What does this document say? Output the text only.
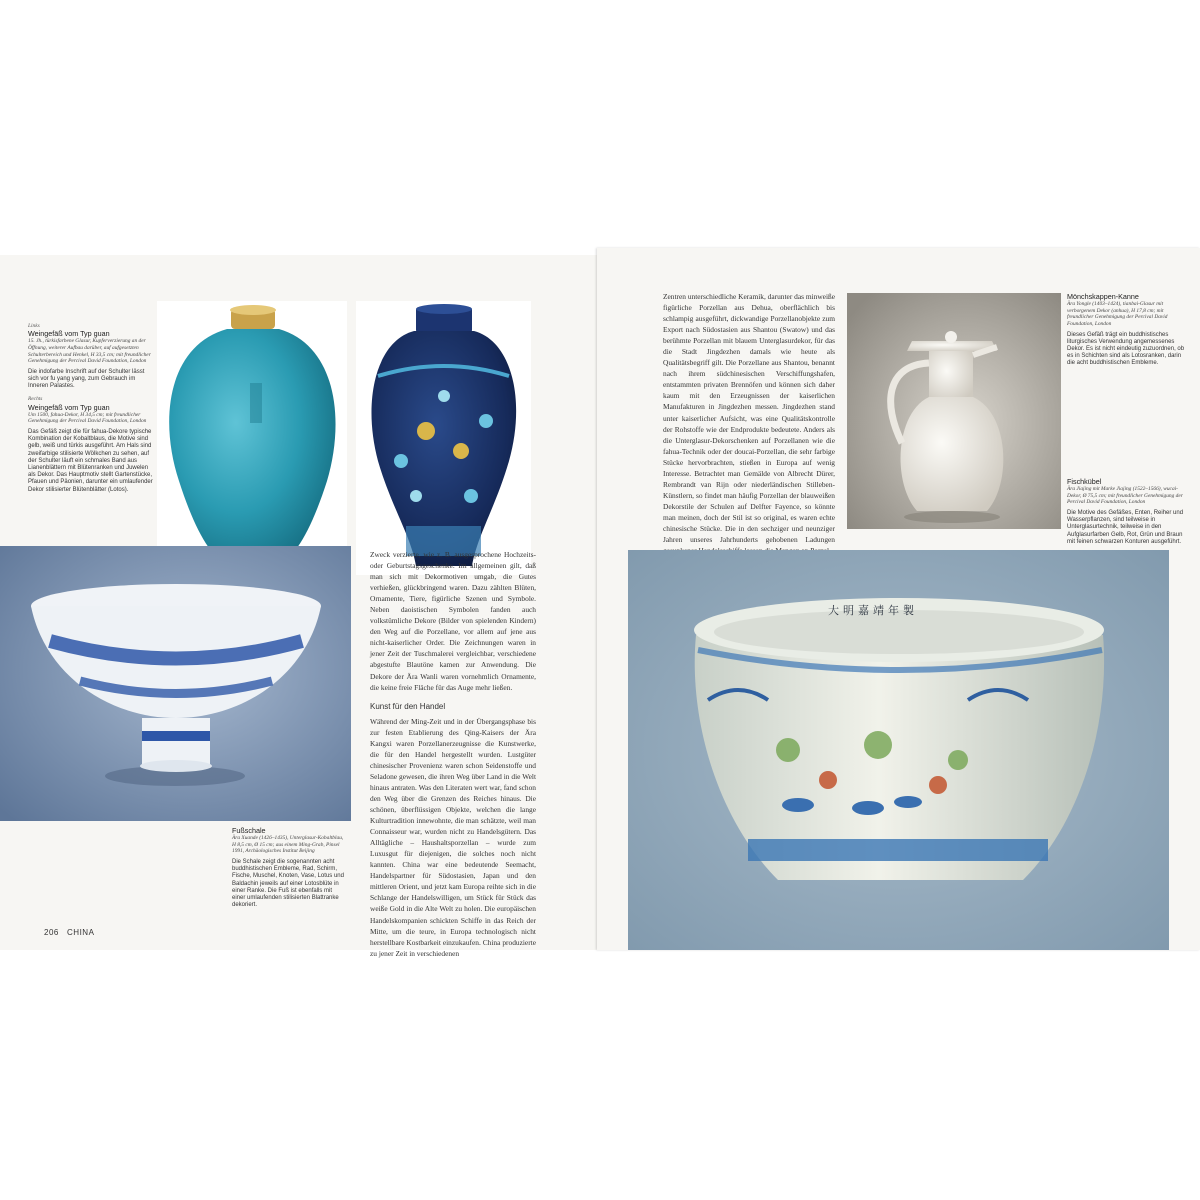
Links
Weingefäß vom Typ guan

15. Jh., türkisfarbene Glasur, Kupferverzierung an der Öffnung, weiterer Aufbau darüber, auf aufgesetzten Schulterbereich und Henkel, H 33,5 cm; mit freundlicher Genehmigung der Percival David Foundation, London

Die indofarbe Inschrift auf der Schulter lässt sich vor fu yang yang, zum Gebrauch im Inneren Palastes.

Rechts
Weingefäß vom Typ guan

Um 1500, fahua-Dekor, H 34,5 cm; mit freundlicher Genehmigung der Percival David Foundation, London

Das Gefäß zeigt die für fahua-Dekore typische Kombination der Kobaltblaus, die Motive sind gelb, weiß und türkis ausgeführt. Am Hals sind zweifarbige stilisierte Wölkchen zu sehen, auf der Schulter läuft ein schmales Band aus Lianenblättern mit Blütenranken und Juwelen als Dekor. Das Hauptmotiv stellt Gartenstücke, Pfauen und Päonien, darunter ein umlaufender Dekor stilisierter Blütenblätter (Lotos).

Fußschale

Ära Xuande (1426–1435), Unterglasur-Kobaltblau, H 8,5 cm, Ø 15 cm; aus einem Ming-Grab, Pinsel 1991, Archäologisches Institut Beijing

Die Schale zeigt die sogenannten acht buddhistischen Embleme, Rad, Schirm, Fische, Muschel, Knoten, Vase, Lotus und Baldachin jeweils auf einer Lotosblüte in einer Ranke. Die Fuß ist ebenfalls mit einer umlaufenden stilisierten Blattranke dekoriert.

Zweck verzierte, wie z. B. ausgesprochene Hochzeits- oder Geburtstagsgeschenke. Im allgemeinen gilt, daß man sich mit Dekormotiven umgab, die Gutes verhießen, glückbringend waren. Dazu zählten Blüten, Ornamente, Tiere, figürliche Szenen und Symbole. Neben daoistischen Symbolen fanden auch volkstümliche Dekore (Bilder von spielenden Kindern) den Weg auf die Porzellane, vor allem auf jene aus nicht-kaiserlicher Order. Die Zeichnungen waren in jener Zeit der Tuschmalerei vergleichbar, verschiedene abgestufte Blautöne kamen zur Anwendung. Die Dekore der Ära Wanli waren vornehmlich Ornamente, die keine freie Fläche für das Auge mehr ließen.

Kunst für den Handel

Während der Ming-Zeit und in der Übergangsphase bis zur festen Etablierung des Qing-Kaisers der Ära Kangxi waren Porzellanerzeugnisse die Kunstwerke, die für den Handel hergestellt wurden. Lustgüter chinesischer Provenienz waren schon Seidenstoffe und Seladone gewesen, die ihren Weg über Land in die Welt hinaus antraten. Was den Literaten wert war, fand schon den Weg über die Grenzen des Reiches hinaus. Die schönen, überflüssigen Objekte, welchen die lange Kulturtradition innewohnte, die man schätzte, weil man Connaisseur war, wurden nicht zu Handelsgütern. Das Alltägliche – Haushaltsporzellan – wurde zum Luxusgut für diejenigen, die solches noch nicht kannten. China war eine bedeutende Seemacht, Handelspartner für Südostasien, Japan und den mittleren Orient, und jetzt kam Europa reihte sich in die Schlange der Handelswilligen, um Stück für Stück das weiße Gold in die Alte Welt zu holen. Die europäischen Handelskompanien schickten Schiffe in das Reich der Mitte, um die teure, in Europa technologisch nicht herstellbare Kostbarkeit einzukaufen. China produzierte zu jener Zeit in verschiedenen

206 CHINA

Zentren unterschiedliche Keramik, darunter das minweiße figürliche Porzellan aus Dehua, oberflächlich bis schlampig ausgeführt, dickwandige Porzellanobjekte zum Export nach Südostasien aus Shantou (Swatow) und das berühmte Porzellan mit blauem Unterglasurdekor, für das die Stadt Jingdezhen damals wie heute als Qualitätsbegriff gilt. Die Porzellane aus Shantou, benannt nach ihrem südchinesischen Verschiffungshafen, entstammten privaten Brennöfen und können sich daher kaum mit den Erzeugnissen der kaiserlichen Manufakturen in Jingdezhen messen. Jingdezhen stand unter kaiserlicher Aufsicht, was eine Qualitätskontrolle der Rohstoffe wie der Endprodukte bedeutete. Anders als die Unterglasur-Dekorschenken auf Porzellanen wie die fahua-Technik oder der doucai-Porzellan, die sehr farbige Stücke hervorbrachten, stießen in Europa auf wenig Interesse. Betrachtet man Gemälde von Albrecht Dürer, Rembrandt van Rijn oder niederländischen Stilleben-Künstlern, so findet man häufig Porzellan der blauweißen Dekorstile der Schulen auf Delfter Fayence, so könnte man meinen, doch der Stil ist so original, es waren echte chinesische Stücke. Die in den sechziger und neunziger Jahren unseres Jahrhunderts gehobenen Ladungen

Mönchskappen-Kanne

Ära Yongle (1403–1424), tianbai-Glasur mit verborgenem Dekor (anhua), H 17,8 cm; mit freundlicher Genehmigung der Percival David Foundation, London

Dieses Gefäß trägt ein buddhistisches liturgisches Verwendung angemessenes Dekor. Es ist nicht eindeutig zuzuordnen, ob es in Schichten sind als Lotosranken, darin die acht buddhistischen Embleme.

Fischkübel

Ära Jiajing mit Marke Jiajing (1522–1566), wucai-Dekor, Ø 75,5 cm; mit freundlicher Genehmigung der Percival David Foundation, London

Die Motive des Gefäßes, Enten, Reiher und Wasserpflanzen, sind teilweise in Unterglasurtechnik, teilweise in den Aufglasurfarben Gelb, Rot, Grün und Braun mit feinen schwarzen Konturen ausgeführt.

大明嘉靖年製
